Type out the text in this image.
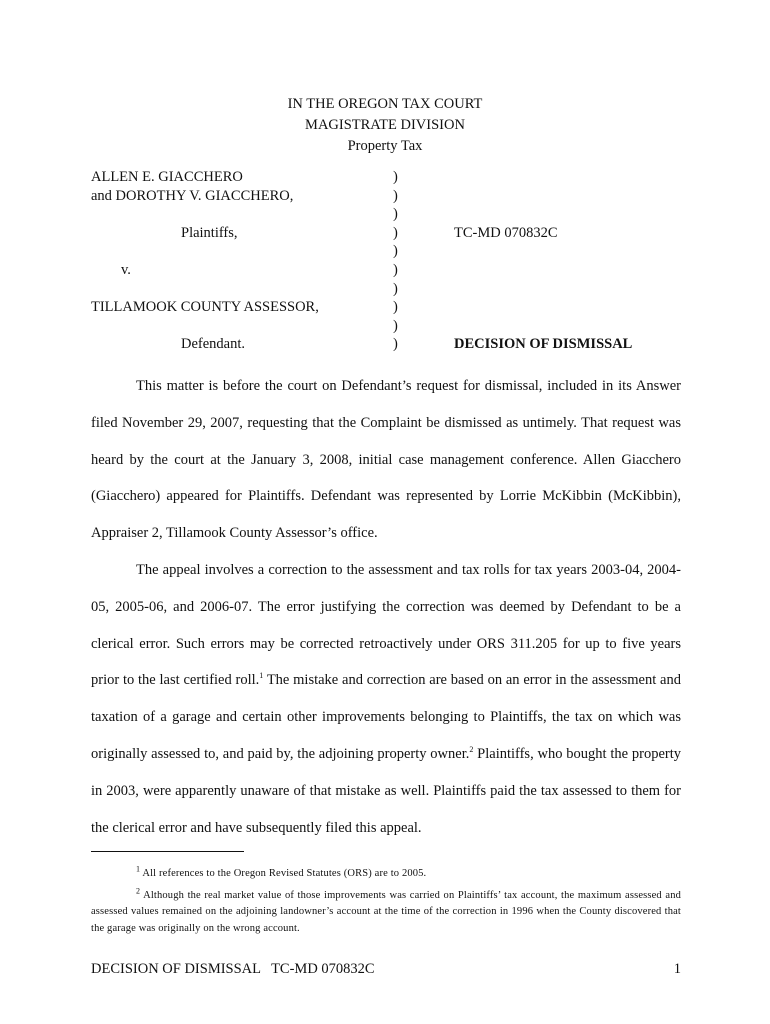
IN THE OREGON TAX COURT
MAGISTRATE DIVISION
Property Tax
ALLEN E. GIACCHERO
and DOROTHY V. GIACCHERO,
Plaintiffs,
v.
TILLAMOOK COUNTY ASSESSOR,
Defendant.
)
)
)
)
)
)
)
)
)
)
TC-MD 070832C
DECISION OF DISMISSAL

This matter is before the court on Defendant’s request for dismissal, included in its Answer filed November 29, 2007, requesting that the Complaint be dismissed as untimely. That request was heard by the court at the January 3, 2008, initial case management conference. Allen Giacchero (Giacchero) appeared for Plaintiffs. Defendant was represented by Lorrie McKibbin (McKibbin), Appraiser 2, Tillamook County Assessor’s office.

The appeal involves a correction to the assessment and tax rolls for tax years 2003-04, 2004-05, 2005-06, and 2006-07. The error justifying the correction was deemed by Defendant to be a clerical error. Such errors may be corrected retroactively under ORS 311.205 for up to five years prior to the last certified roll.$^1$ The mistake and correction are based on an error in the assessment and taxation of a garage and certain other improvements belonging to Plaintiffs, the tax on which was originally assessed to, and paid by, the adjoining property owner.$^2$ Plaintiffs, who bought the property in 2003, were apparently unaware of that mistake as well. Plaintiffs paid the tax assessed to them for the clerical error and have subsequently filed this appeal.

$^1$ All references to the Oregon Revised Statutes (ORS) are to 2005.

$^2$ Although the real market value of those improvements was carried on Plaintiffs’ tax account, the maximum assessed and assessed values remained on the adjoining landowner’s account at the time of the correction in 1996 when the County discovered that the garage was originally on the wrong account.

DECISION OF DISMISSAL   TC-MD 070832C	1
